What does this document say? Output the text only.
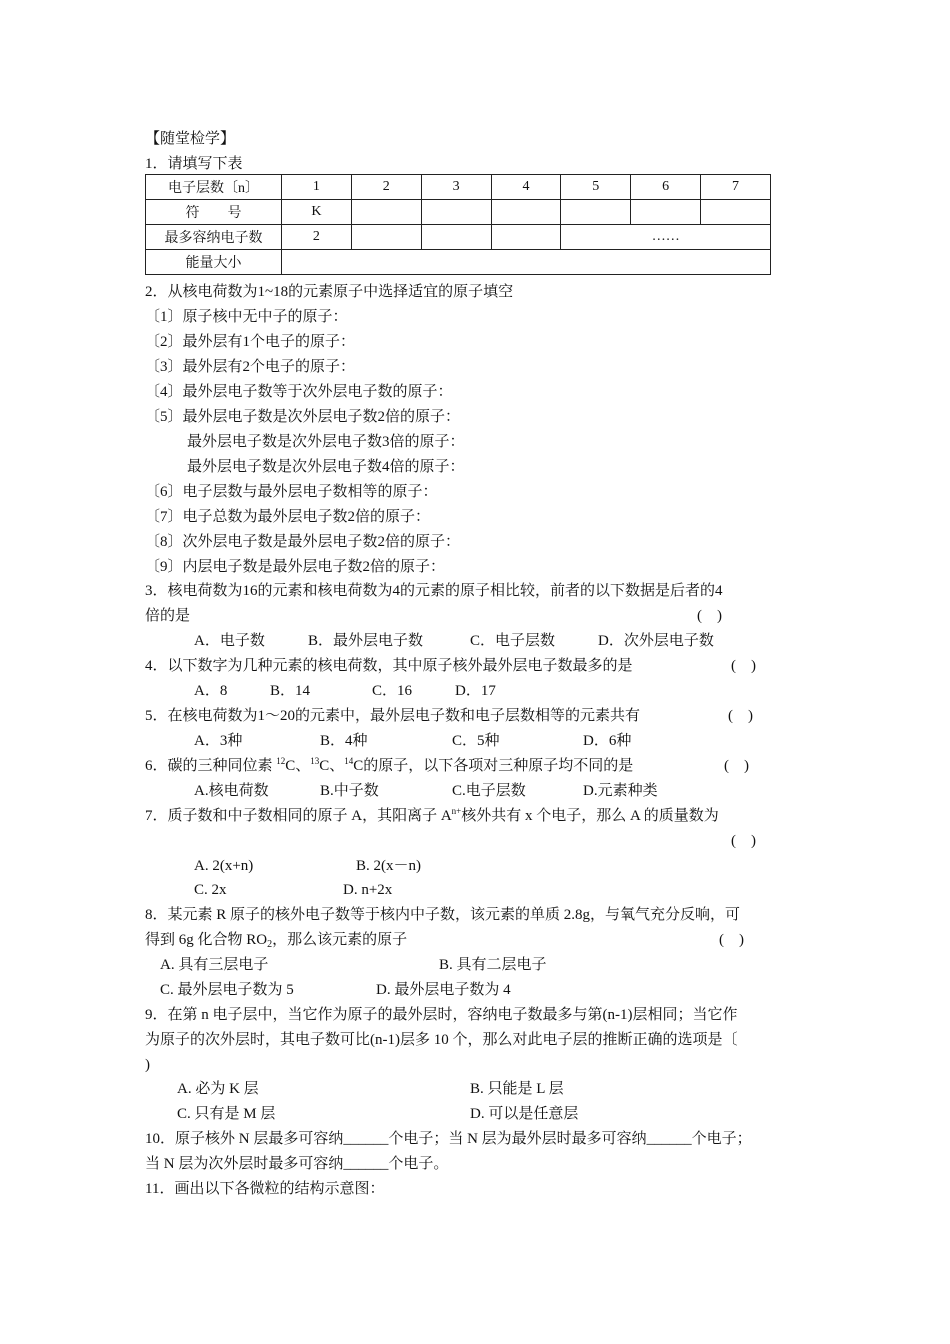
【随堂检学】
1．请填写下表
电子层数〔n〕	1	2	3	4	5	6	7
符　　号	K						
最多容纳电子数	2				……		
能量大小							
2．从核电荷数为1~18的元素原子中选择适宜的原子填空
〔1〕原子核中无中子的原子：
〔2〕最外层有1个电子的原子：
〔3〕最外层有2个电子的原子：
〔4〕最外层电子数等于次外层电子数的原子：
〔5〕最外层电子数是次外层电子数2倍的原子：
最外层电子数是次外层电子数3倍的原子：
最外层电子数是次外层电子数4倍的原子：
〔6〕电子层数与最外层电子数相等的原子：
〔7〕电子总数为最外层电子数2倍的原子：
〔8〕次外层电子数是最外层电子数2倍的原子：
〔9〕内层电子数是最外层电子数2倍的原子：
3．核电荷数为16的元素和核电荷数为4的元素的原子相比较，前者的以下数据是后者的4
倍的是	(　)
A．电子数	B．最外层电子数	C．电子层数	D．次外层电子数
4．以下数字为几种元素的核电荷数，其中原子核外最外层电子数最多的是	(　)
A．8	B．14	C．16	D．17
5．在核电荷数为1～20的元素中，最外层电子数和电子层数相等的元素共有	(　)
A．3种	B．4种	C．5种	D．6种
6．碳的三种同位素 $^{12}$C、$^{13}$C、$^{14}$C的原子，以下各项对三种原子均不同的是	(　)
A.核电荷数	B.中子数	C.电子层数	D.元素种类
7．质子数和中子数相同的原子 A，其阳离子 $A^{n+}$核外共有 x 个电子，那么 A 的质量数为
(　)
A. 2(x+n)	B. 2(x－n)
C. 2x	D. n+2x
8．某元素 R 原子的核外电子数等于核内中子数，该元素的单质 2.8g，与氧气充分反响，可
得到 6g 化合物 $RO_2$，那么该元素的原子	(　)
A. 具有三层电子	B. 具有二层电子
C. 最外层电子数为 5	D. 最外层电子数为 4
9．在第 n 电子层中，当它作为原子的最外层时，容纳电子数最多与第(n-1)层相同；当它作
为原子的次外层时，其电子数可比(n-1)层多 10 个，那么对此电子层的推断正确的选项是〔
)
A. 必为 K 层	B. 只能是 L 层
C. 只有是 M 层	D. 可以是任意层
10．原子核外 N 层最多可容纳______个电子；当 N 层为最外层时最多可容纳______个电子；
当 N 层为次外层时最多可容纳______个电子。
11．画出以下各微粒的结构示意图：
